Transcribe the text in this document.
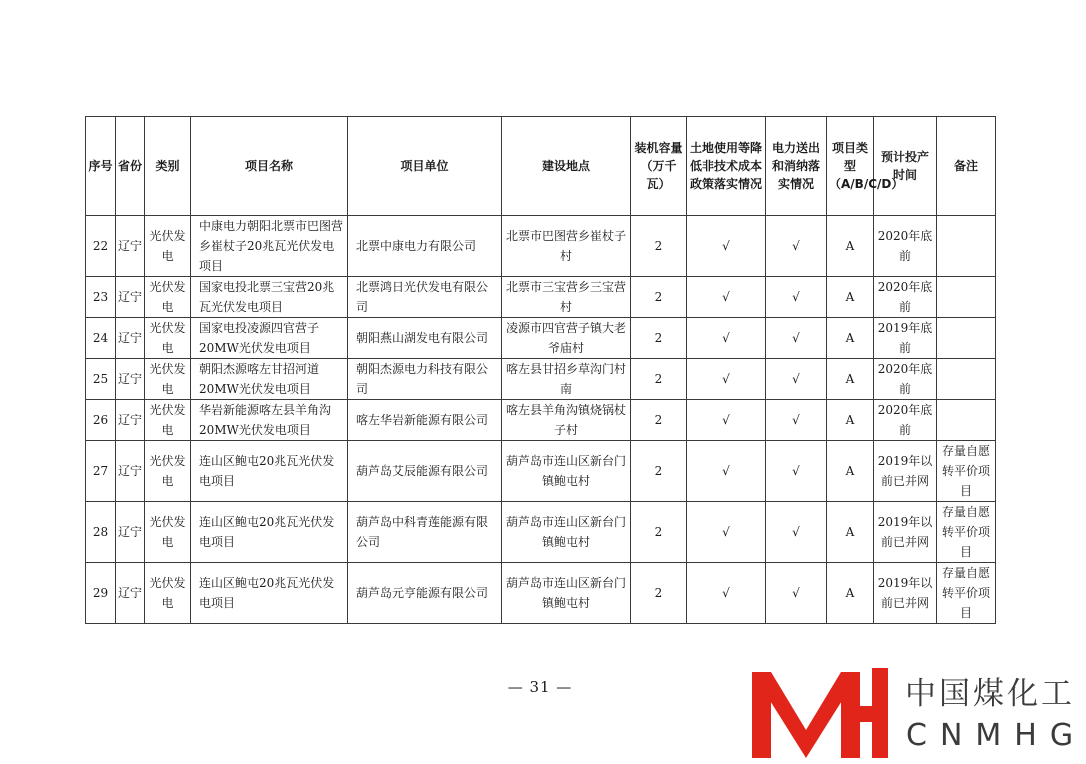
序号	省份	类别	项目名称	项目单位	建设地点	装机容量（万千瓦）	土地使用等降低非技术成本政策落实情况	电力送出和消纳落实情况	项目类型（A/B/C/D）	预计投产时间	备注
22	辽宁	光伏发电	中康电力朝阳北票市巴图营乡崔杖子20兆瓦光伏发电项目	北票中康电力有限公司	北票市巴图营乡崔杖子村	2	√	√	A	2020年底前	
23	辽宁	光伏发电	国家电投北票三宝营20兆瓦光伏发电项目	北票鸿日光伏发电有限公司	北票市三宝营乡三宝营村	2	√	√	A	2020年底前	
24	辽宁	光伏发电	国家电投凌源四官营子20MW光伏发电项目	朝阳燕山湖发电有限公司	凌源市四官营子镇大老爷庙村	2	√	√	A	2019年底前	
25	辽宁	光伏发电	朝阳杰源喀左甘招河道20MW光伏发电项目	朝阳杰源电力科技有限公司	喀左县甘招乡草沟门村南	2	√	√	A	2020年底前	
26	辽宁	光伏发电	华岩新能源喀左县羊角沟20MW光伏发电项目	喀左华岩新能源有限公司	喀左县羊角沟镇烧锅杖子村	2	√	√	A	2020年底前	
27	辽宁	光伏发电	连山区鲍屯20兆瓦光伏发电项目	葫芦岛艾辰能源有限公司	葫芦岛市连山区新台门镇鲍屯村	2	√	√	A	2019年以前已并网	存量自愿转平价项目
28	辽宁	光伏发电	连山区鲍屯20兆瓦光伏发电项目	葫芦岛中科青莲能源有限公司	葫芦岛市连山区新台门镇鲍屯村	2	√	√	A	2019年以前已并网	存量自愿转平价项目
29	辽宁	光伏发电	连山区鲍屯20兆瓦光伏发电项目	葫芦岛元亨能源有限公司	葫芦岛市连山区新台门镇鲍屯村	2	√	√	A	2019年以前已并网	存量自愿转平价项目
— 31 —	中国煤化工
CNMHG
